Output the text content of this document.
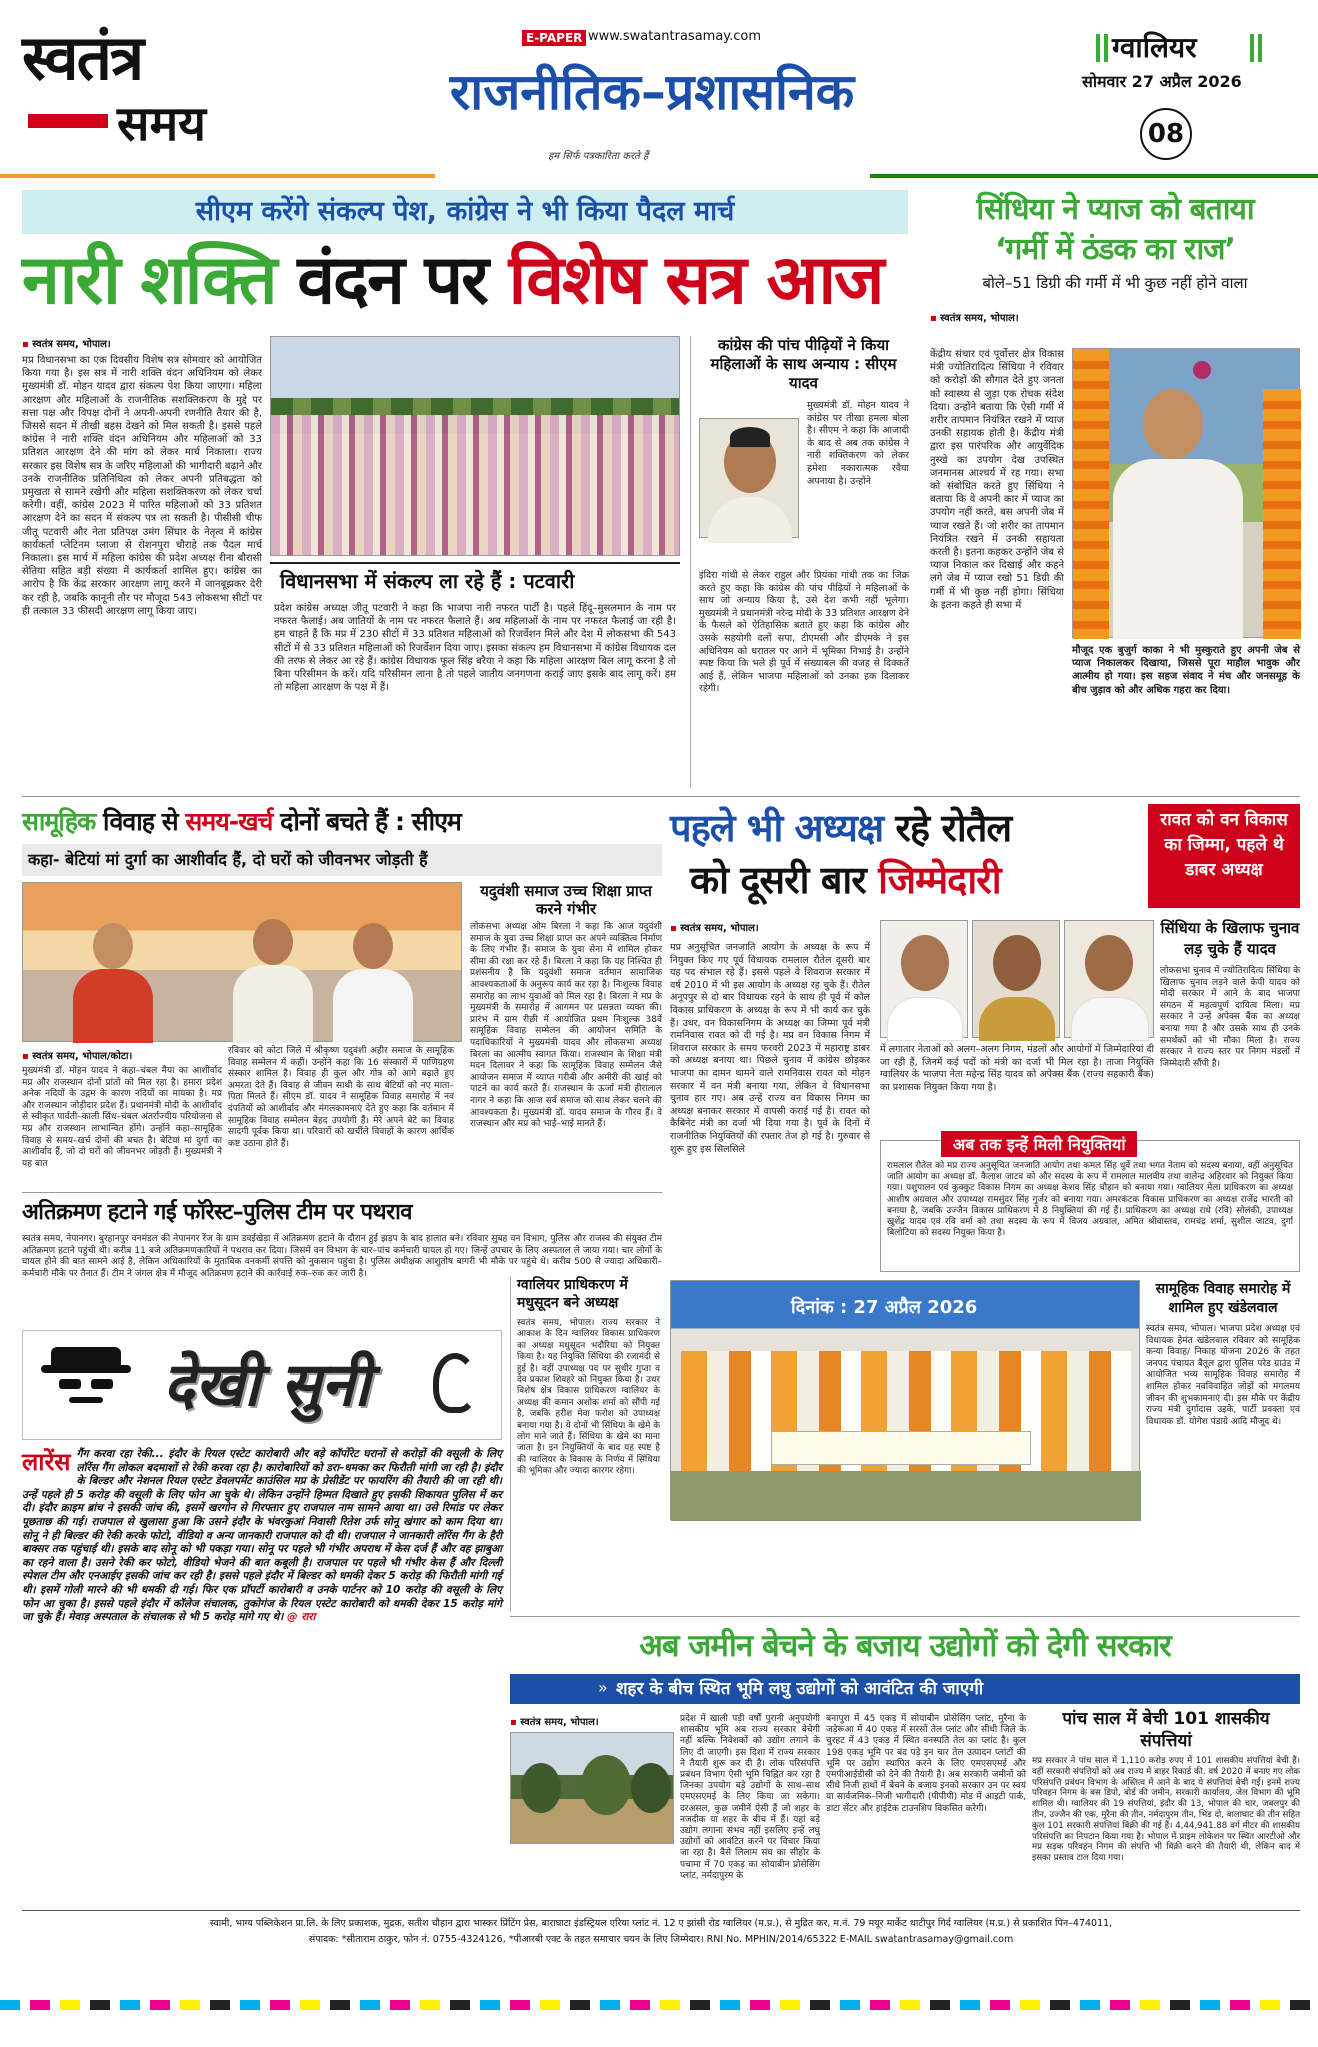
स्वतंत्र
समय
E-PAPER www.swatantrasamay.com
राजनीतिक–प्रशासनिक
हम सिर्फ पत्रकारिता करते हैं
ग्वालियर
सोमवार 27 अप्रैल 2026
08
सीएम करेंगे संकल्प पेश, कांग्रेस ने भी किया पैदल मार्च
नारी शक्ति वंदन पर विशेष सत्र आज
▪ स्वतंत्र समय, भोपाल।
मप्र विधानसभा का एक दिवसीय विशेष सत्र सोमवार को आयोजित किया गया है। इस सत्र में नारी शक्ति वंदन अधिनियम को लेकर मुख्यमंत्री डॉ. मोहन यादव द्वारा संकल्प पेश किया जाएगा। महिला आरक्षण और महिलाओं के राजनीतिक सशक्तिकरण के मुद्दे पर सत्ता पक्ष और विपक्ष दोनों ने अपनी-अपनी रणनीति तैयार की है, जिससे सदन में तीखी बहस देखने को मिल सकती है। इससे पहले कांग्रेस ने नारी शक्ति वंदन अधिनियम और महिलाओं को 33 प्रतिशत आरक्षण देने की मांग को लेकर मार्च निकाला। राज्य सरकार इस विशेष सत्र के जरिए महिलाओं की भागीदारी बढ़ाने और उनके राजनीतिक प्रतिनिधित्व को लेकर अपनी प्रतिबद्धता को प्रमुखता से सामने रखेगी और महिला सशक्तिकरण को लेकर चर्चा करेगी। वहीं, कांग्रेस 2023 में पारित महिलाओं को 33 प्रतिशत आरक्षण देने का सदन में संकल्प पत्र ला सकती है। पीसीसी चीफ जीतू पटवारी और नेता प्रतिपक्ष उमंग सिंघार के नेतृत्व में कांग्रेस कार्यकर्ता प्लेटिनम प्लाजा से रोशनपुरा चौराहे तक पैदल मार्च निकाला। इस मार्च में महिला कांग्रेस की प्रदेश अध्यक्ष रीना बौरासी सेतिया सहित बड़ी संख्या में कार्यकर्ता शामिल हुए। कांग्रेस का आरोप है कि केंद्र सरकार आरक्षण लागू करने में जानबूझकर देरी कर रही है, जबकि कानूनी तौर पर मौजूदा 543 लोकसभा सीटों पर ही तत्काल 33 फीसदी आरक्षण लागू किया जाए।
कांग्रेस की पांच पीढ़ियों ने किया महिलाओं के साथ अन्याय : सीएम यादव
मुख्यमंत्री डॉ. मोहन यादव ने कांग्रेस पर तीखा हमला बोला है। सीएम ने कहा कि आजादी के बाद से अब तक कांग्रेस ने नारी शक्तिकरण को लेकर हमेशा नकारात्मक रवैया अपनाया है। उन्होंने
इंदिरा गांधी से लेकर राहुल और प्रियंका गांधी तक का जिक्र करते हुए कहा कि कांग्रेस की पांच पीढ़ियों ने महिलाओं के साथ जो अन्याय किया है, उसे देश कभी नहीं भूलेगा। मुख्यमंत्री ने प्रधानमंत्री नरेन्द्र मोदी के 33 प्रतिशत आरक्षण देने के फैसले को ऐतिहासिक बताते हुए कहा कि कांग्रेस और उसके सहयोगी दलों सपा, टीएमसी और डीएमके ने इस अधिनियम को धरातल पर आने में भूमिका निभाई है। उन्होंने स्पष्ट किया कि भले ही पूर्व में संख्याबल की वजह से दिक्कतें आई हैं, लेकिन भाजपा महिलाओं को उनका हक दिलाकर रहेगी।
विधानसभा में संकल्प ला रहे हैं : पटवारी
प्रदेश कांग्रेस अध्यक्ष जीतू पटवारी ने कहा कि भाजपा नारी नफरत पार्टी है। पहले हिंदू–मुसलमान के नाम पर नफरत फैलाई। अब जातियों के नाम पर नफरत फैलाते हैं। अब महिलाओं के नाम पर नफरत फैलाई जा रही है। हम चाहते हैं कि मप्र में 230 सीटों में 33 प्रतिशत महिलाओं को रिजर्वेशन मिले और देश में लोकसभा की 543 सीटों में से 33 प्रतिशत महिलाओं को रिजर्वेशन दिया जाए। इसका संकल्प हम विधानसभा में कांग्रेस विधायक दल की तरफ से लेकर आ रहे हैं। कांग्रेस विधायक फूल सिंह बरैया ने कहा कि महिला आरक्षण बिल लागू करना है तो बिना परिसीमन के करें। यदि परिसीमन लाना है तो पहले जातीय जनगणना कराई जाए इसके बाद लागू करें। हम तो महिला आरक्षण के पक्ष में हैं।
सिंधिया ने प्याज को बताया
‘गर्मी में ठंडक का राज’
बोले–51 डिग्री की गर्मी में भी कुछ नहीं होने वाला
▪ स्वतंत्र समय, भोपाल।
केंद्रीय संचार एवं पूर्वोत्तर क्षेत्र विकास मंत्री ज्योतिरादित्य सिंधिया ने रविवार को करोड़ों की सौगात देते हुए जनता को स्वास्थ्य से जुड़ा एक रोचक संदेश दिया। उन्होंने बताया कि ऐसी गर्मी में शरीर तापमान नियंत्रित रखने में प्याज उनकी सहायक होती है। केंद्रीय मंत्री द्वारा इस पारंपरिक और आयुर्वेदिक नुस्खे का उपयोग देख उपस्थित जनमानस आश्चर्य में रह गया। सभा को संबोधित करते हुए सिंधिया ने बताया कि वे अपनी कार में प्याज का उपयोग नहीं करते, बस अपनी जेब में प्याज रखते हैं। जो शरीर का तापमान नियंत्रित रखने में उनकी सहायता करती है। इतना कहकर उन्होंने जेब से प्याज निकाल कर दिखाई और कहने लगे जेब में प्याज रखो 51 डिग्री की गर्मी में भी कुछ नहीं होगा। सिंधिया के इतना कहते ही सभा में
मौजूद एक बुजुर्ग काका ने भी मुस्कुराते हुए अपनी जेब से प्याज निकालकर दिखाया, जिससे पूरा माहौल भावुक और आत्मीय हो गया। इस सहज संवाद ने मंच और जनसमूह के बीच जुड़ाव को और अधिक गहरा कर दिया।
सामूहिक विवाह से समय-खर्च दोनों बचते हैं : सीएम
कहा- बेटियां मां दुर्गा का आशीर्वाद हैं, दो घरों को जीवनभर जोड़ती हैं
यदुवंशी समाज उच्च शिक्षा प्राप्त करने गंभीर
लोकसभा अध्यक्ष ओम बिरला ने कहा कि आज यदुवंशी समाज के युवा उच्च शिक्षा प्राप्त कर अपने व्यक्तित्व निर्माण के लिए गंभीर हैं। समाज के युवा सेना में शामिल होकर सीमा की रक्षा कर रहे हैं। बिरला ने कहा कि यह निश्चित ही प्रशंसनीय है कि यदुवंशी समाज वर्तमान सामाजिक आवश्यकताओं के अनुरूप कार्य कर रहा है। निःशुल्क विवाह समारोह का लाभ युवाओं को मिल रहा है। बिरला ने मप्र के मुख्यमंत्री के समारोह में आगमन पर प्रसन्नता व्यक्त की। प्रारंभ में ग्राम रीछी में आयोजित प्रथम निःशुल्क 38वें सामूहिक विवाह सम्मेलन की आयोजन समिति के पदाधिकारियों ने मुख्यमंत्री यादव और लोकसभा अध्यक्ष बिरला का आत्मीय स्वागत किया। राजस्थान के शिक्षा मंत्री मदन दिलावर ने कहा कि सामूहिक विवाह सम्मेलन जैसे आयोजन समाज में व्याप्त गरीबी और अमीरी की खाई को पाटने का कार्य करते हैं। राजस्थान के ऊर्जा मंत्री हीरालाल नागर ने कहा कि आज सर्व समाज को साथ लेकर चलने की आवश्यकता है। मुख्यमंत्री डॉ. यादव समाज के गौरव हैं। वे राजस्थान और मप्र को भाई–भाई मानते हैं।
▪ स्वतंत्र समय, भोपाल/कोटा।
मुख्यमंत्री डॉ. मोहन यादव ने कहा–चंबल मैया का आशीर्वाद मप्र और राजस्थान दोनों प्रांतों को मिल रहा है। हमारा प्रदेश अनेक नदियों के उद्गम के कारण नदियों का मायका है। मप्र और राजस्थान जोड़ीदार प्रदेश हैं। प्रधानमंत्री मोदी के आशीर्वाद से स्वीकृत पार्वती–काली सिंध–चंबल अंतर्राज्यीय परियोजना से मप्र और राजस्थान लाभान्वित होंगे। उन्होंने कहा–सामूहिक विवाह से समय–खर्च दोनों की बचत है। बेटियां मां दुर्गा का आशीर्वाद हैं, जो दो घरों को जीवनभर जोड़ती हैं। मुख्यमंत्री ने यह बात
रविवार को कोटा जिले में श्रीकृष्ण यदुवंशी अहीर समाज के सामूहिक विवाह सम्मेलन में कहीं। उन्होंने कहा कि 16 संस्कारों में पाणिग्रहण संस्कार शामिल है। विवाह ही कुल और गोत्र को आगे बढ़ाते हुए अमरता देते हैं। विवाह से जीवन साथी के साथ बेटियों को नए माता–पिता मिलते हैं। सीएम डॉ. यादव ने सामूहिक विवाह समारोह में नव दंपतियों को आशीर्वाद और मंगलकामनाएं देते हुए कहा कि वर्तमान में सामूहिक विवाह सम्मेलन बेहद उपयोगी हैं। मेरे अपने बेटे का विवाह सादगी पूर्वक किया था। परिवारों को खर्चीले विवाहों के कारण आर्थिक कष्ट उठाना होते हैं।
पहले भी अध्यक्ष रहे रोतैल
को दूसरी बार जिम्मेदारी
रावत को वन विकास का जिम्मा, पहले थे डाबर अध्यक्ष
▪ स्वतंत्र समय, भोपाल।
मप्र अनुसूचित जनजाति आयोग के अध्यक्ष के रूप में नियुक्त किए गए पूर्व विधायक रामलाल रौतेल दूसरी बार यह पद संभाल रहे हैं। इससे पहले वे शिवराज सरकार में वर्ष 2010 में भी इस आयोग के अध्यक्ष रह चुके हैं। रौतेल अनूपपुर से दो बार विधायक रहने के साथ ही पूर्व में कोल विकास प्राधिकरण के अध्यक्ष के रूप में भी कार्य कर चुके हैं। उधर, वन विकासनिगम के अध्यक्ष का जिम्मा पूर्व मंत्री रामनिवास रावत को दी गई है। मप्र वन विकास निगम में शिवराज सरकार के समय फरवरी 2023 में महाराष्ट्र डाबर को अध्यक्ष बनाया था। पिछले चुनाव में कांग्रेस छोड़कर भाजपा का दामन थामने वाले रामनिवास रावत को मोहन सरकार में वन मंत्री बनाया गया, लेकिन वे विधानसभा चुनाव हार गए। अब उन्हें राज्य वन विकास निगम का अध्यक्ष बनाकर सरकार में वापसी कराई गई है। रावत को कैबिनेट मंत्री का दर्जा भी दिया गया है। पूर्व के दिनों में राजनीतिक नियुक्तियों की रफ्तार तेज हो गई है। गुरुवार से शुरू हुए इस सिलसिले
में लगातार नेताओं को अलग–अलग निगम, मंडलों और आयोगों में जिम्मेदारियां दी जा रही हैं, जिनमें कई पदों को मंत्री का दर्जा भी मिल रहा है। ताजा नियुक्ति ग्वालियर के भाजपा नेता महेन्द्र सिंह यादव को अपेक्स बैंक (राज्य सहकारी बैंक) का प्रशासक नियुक्त किया गया है।
सिंधिया के खिलाफ चुनाव लड़ चुके हैं यादव
लोकसभा चुनाव में ज्योतिरादित्य सिंधिया के खिलाफ चुनाव लड़ने वाले केपी यादव को मोदी सरकार में आने के बाद भाजपा संगठन में महत्वपूर्ण दायित्व मिला। मप्र सरकार ने उन्हें अपेक्स बैंक का अध्यक्ष बनाया गया है और उसके साथ ही उनके समर्थकों को भी मौका मिला है। राज्य सरकार ने राज्य स्तर पर निगम मंडलों में जिम्मेदारी सौंपी है।
अब तक इन्हें मिली नियुक्तियां
रामलाल रौतेल को मप्र राज्य अनुसूचित जनजाति आयोग तथा कमल सिंह धुर्वे तथा भगत नेताम को सदस्य बनाया, वहीं अनुसूचित जाति आयोग का अध्यक्ष डॉ. कैलाश जाटव को और सदस्य के रूप में रामलाल मालवीय तथा वालेन्द्र अहिरवार को नियुक्त किया गया। पशुपालन एवं कुक्कुट विकास निगम का अध्यक्ष केशव सिंह चौहान को बनाया गया। ग्वालियर मेला प्राधिकरण का अध्यक्ष आशीष अग्रवाल और उपाध्यक्ष रामसुंदर सिंह गुर्जर को बनाया गया। अमरकंटक विकास प्राधिकरण का अध्यक्ष राजेंद्र भारती को बनाया है, जबकि उज्जैन विकास प्राधिकरण में 8 नियुक्तियां की गई हैं। प्राधिकरण का अध्यक्ष राधे (रवि) सोलंकी, उपाध्यक्ष खुशेंद्र यादव एवं रवि वर्मा को तथा सदस्य के रूप में विजय अग्रवाल, अमित श्रीवास्तव, रामचंद्र शर्मा, सुशील जाटव, दुर्गा बिलोटिया को सदस्य नियुक्त किया है।
अतिक्रमण हटाने गई फॉरेस्ट–पुलिस टीम पर पथराव
स्वतंत्र समय, नेपानगर। बुरहानपुर वनमंडल की नेपानगर रेंज के ग्राम डवईखेड़ा में अतिक्रमण हटाने के दौरान हुई झड़प के बाद हालात बने। रविवार सुबह वन विभाग, पुलिस और राजस्व की संयुक्त टीम अतिक्रमण हटाने पहुंची थी। करीब 11 बजे अतिक्रमणकारियों ने पथराव कर दिया। जिसमें वन विभाग के चार–पांच कर्मचारी घायल हो गए। जिन्हें उपचार के लिए अस्पताल ले जाया गया। चार लोगों के घायल होने की बात सामने आई है, लेकिन अधिकारियों के मुताबिक वनकर्मी संपत्ति को नुकसान पहुंचा है। पुलिस अधीक्षक आशुतोष बागरी भी मौके पर पहुंचे थे। करीब 500 से ज्यादा अधिकारी–कर्मचारी मौके पर तैनात हैं। टीम ने जंगल क्षेत्र में मौजूद अतिक्रमण हटाने की कार्रवाई रुक–रुक कर जारी है।
ग्वालियर प्राधिकरण में मधुसूदन बने अध्यक्ष
स्वतंत्र समय, भोपाल। राज्य सरकार ने आकाश के दिन ग्वालियर विकास प्राधिकरण का अध्यक्ष मधुसूदन भदौरिया को नियुक्त किया है। यह नियुक्ति सिंधिया की रजामंदी से हुई है। वहीं उपाध्यक्ष पद पर सुधीर गुप्ता व देव प्रकाश शिवहरे को नियुक्त किया है। उधर विशेष क्षेत्र विकास प्राधिकरण ग्वालियर के अध्यक्ष की कमान अशोक शर्मा को सौंपी गई है, जबकि हरीश मेवा फरोश को उपाध्यक्ष बनाया गया है। ये दोनों भी सिंधिया के खेमे के लोग माने जाते हैं। सिंधिया के खेमे का माना जाता है। इन नियुक्तियों के बाद यह स्पष्ट है की ग्वालियर के विकास के निर्णय में सिंधिया की भूमिका और ज्यादा कारगर रहेगा।
देखी सुनी
लारेंस गैंग करवा रहा रेकी... इंदौर के रियल एस्टेट कारोबारी और बड़े कॉर्पोरेट घरानों से करोड़ों की वसूली के लिए लॉरेंस गैंग लोकल बदमाशों से रेकी करवा रहा है। कारोबारियों को डरा–धमका कर फिरौती मांगी जा रही है। इंदौर के बिल्डर और नेशनल रियल एस्टेट डेवलपमेंट काउंसिल मप्र के प्रेसीडेंट पर फायरिंग की तैयारी की जा रही थी। उन्हें पहले ही 5 करोड़ की वसूली के लिए फोन आ चुके थे। लेकिन उन्होंने हिम्मत दिखाते हुए इसकी शिकायत पुलिस में कर दी। इंदौर क्राइम ब्रांच ने इसकी जांच की, इसमें खरगोन से गिरफ्तार हुए राजपाल नाम सामने आया था। उसे रिमांड पर लेकर पूछताछ की गई। राजपाल से खुलासा हुआ कि उसने इंदौर के भंवरकुआं निवासी रितेश उर्फ सोनू खंगार को काम दिया था। सोनू ने ही बिल्डर की रेकी करके फोटो, वीडियो व अन्य जानकारी राजपाल को दी थी। राजपाल ने जानकारी लॉरेंस गैंग के हैरी बाक्सर तक पहुंचाई थी। इसके बाद सोनू को भी पकड़ा गया। सोनू पर पहले भी गंभीर अपराध में केस दर्ज हैं और वह झाबुआ का रहने वाला है। उसने रेकी कर फोटो, वीडियो भेजने की बात कबूली है। राजपाल पर पहले भी गंभीर केस हैं और दिल्ली स्पेशल टीम और एनआईए इसकी जांच कर रही है। इससे पहले इंदौर में बिल्डर को धमकी देकर 5 करोड़ की फिरौती मांगी गई थी। इसमें गोली मारने की भी धमकी दी गई। फिर एक प्रॉपर्टी कारोबारी व उनके पार्टनर को 10 करोड़ की वसूली के लिए फोन आ चुका है। इससे पहले इंदौर में कॉलेज संचालक, तुकोगंज के रियल एस्टेट कारोबारी को धमकी देकर 15 करोड़ मांगे जा चुके हैं। मेवाड़ अस्पताल के संचालक से भी 5 करोड़ मांगे गए थे। @ रारा
दिनांक : 27 अप्रैल 2026
सामूहिक विवाह समारोह में शामिल हुए खंडेलवाल
स्वतंत्र समय, भोपाल। भाजपा प्रदेश अध्यक्ष एवं विधायक हेमंत खंडेलवाल रविवार को सामूहिक कन्या विवाह/ निकाह योजना 2026 के तहत जनपद पंचायत बैतूल द्वारा पुलिस परेड ग्राउंड में आयोजित भव्य सामूहिक विवाह समारोह में शामिल होकर नवविवाहित जोड़ों को मंगलमय जीवन की शुभकामनाएं दी। इस मौके पर केंद्रीय राज्य मंत्री दुर्गादास उइके, पार्टी प्रवक्ता एवं विधायक डॉ. योगेश पंडाग्रे आदि मौजूद थे।
अब जमीन बेचने के बजाय उद्योगों को देगी सरकार
» शहर के बीच स्थित भूमि लघु उद्योगों को आवंटित की जाएगी
▪ स्वतंत्र समय, भोपाल।	प्रदेश में खाली पड़ी वर्षों पुरानी अनुपयोगी शासकीय भूमि अब राज्य सरकार बेचेगी नहीं बल्कि निवेशकों को उद्योग लगाने के लिए दी जाएगी। इस दिशा में राज्य सरकार ने तैयारी शुरू कर दी है। लोक परिसंपत्ति प्रबंधन विभाग ऐसी भूमि चिह्नित कर रहा है जिनका उपयोग बड़े उद्योगों के साथ–साथ एमएसएमई के लिए किया जा सकेगा। दरअसल, कुछ जमीनें ऐसी हैं जो शहर के नजदीक या शहर के बीच में हैं। यहां बड़े उद्योग लगाना संभव नहीं इसलिए इन्हें लघु उद्योगों को आवंटित करने पर विचार किया जा रहा है। वैसे लिलाम संघ का सीहोर के पचामा में 70 एकड़ का सोयाबीन प्रोसेसिंग प्लांट, नर्मदापुरम के
बनापुरा में 45 एकड़ में सोयाबीन प्रोसेसिंग प्लांट, मुरैना के जड़ेरूआ में 40 एकड़ में सरसों तेल प्लांट और सीधी जिले के चुरहट में 43 एकड़ में स्थित वनस्पति तेल का प्लांट है। कुल 198 एकड़ भूमि पर बंद पड़े इन चार तेल उत्पादन प्लांटों की भूमि पर उद्योग स्थापित करने के लिए एमएसएमई और एमपीआईडीसी को देने की तैयारी है। अब सरकारी जमीनों को सीधे निजी हाथों में बेचने के बजाय इनको सरकार उन पर स्वयं या सार्वजनिक–निजी भागीदारी (पीपीपी) मोड में आइटी पार्क, डाटा सेंटर और हाईटेक टाउनशिप विकसित करेगी।
पांच साल में बेची 101 शासकीय संपत्तियां
मप्र सरकार ने पांच साल में 1,110 करोड़ रुपए में 101 शासकीय संपत्तियां बेची हैं। वहीं सरकारी संपत्तियों को अब राज्य में बाहर रिकार्ड की. वर्ष 2020 में बनाए गए लोक परिसंपत्ति प्रबंधन विभाग के अस्तित्व में आने के बाद ये संपत्तियां बेची गईं। इनमें राज्य परिवहन निगम के बस डिपो, बोर्ड की जमीन, सरकारी कार्यालय, जेल विभाग की भूमि शामिल थी। ग्वालियर की 19 संपत्तियां, इंदौर की 13, भोपाल की चार, जबलपुर की तीन, उज्जैन की एक, मुरैना की तीन, नर्मदापुरम तीन, भिंड दो, बालाघाट की तीन सहित कुल 101 सरकारी संपत्तियां बिक्री की गई हैं। 4,44,941.88 वर्ग मीटर की शासकीय परिसंपत्ति का निपटान किया गया है। भोपाल में प्राइम लोकेशन पर स्थित आरटीओ और मप्र सड़क परिवहन निगम की संपत्ति भी बिक्री करने की तैयारी थी, लेकिन बाद में इसका प्रस्ताव टाल दिया गया।
स्वामी, भाग्य पब्लिकेशन प्रा.लि. के लिए प्रकाशक, मुद्रक, सतीश चौहान द्वारा भास्कर प्रिंटिंग प्रेस, बाराघाटा इंडस्ट्रियल एरिया प्लांट नं. 12 ए झांसी रोड ग्वालियर (म.प्र.), से मुद्रित कर, म.नं. 79 मयूर मार्केट थाटीपुर गिर्द ग्वालियर (म.प्र.) से प्रकाशित पिन–474011,
संपादक: *सीताराम ठाकुर, फोन नं. 0755-4324126, *पीआरबी एक्ट के तहत समाचार चयन के लिए जिम्मेदार। RNI No. MPHIN/2014/65322 E-MAIL swatantrasamay@gmail.com
